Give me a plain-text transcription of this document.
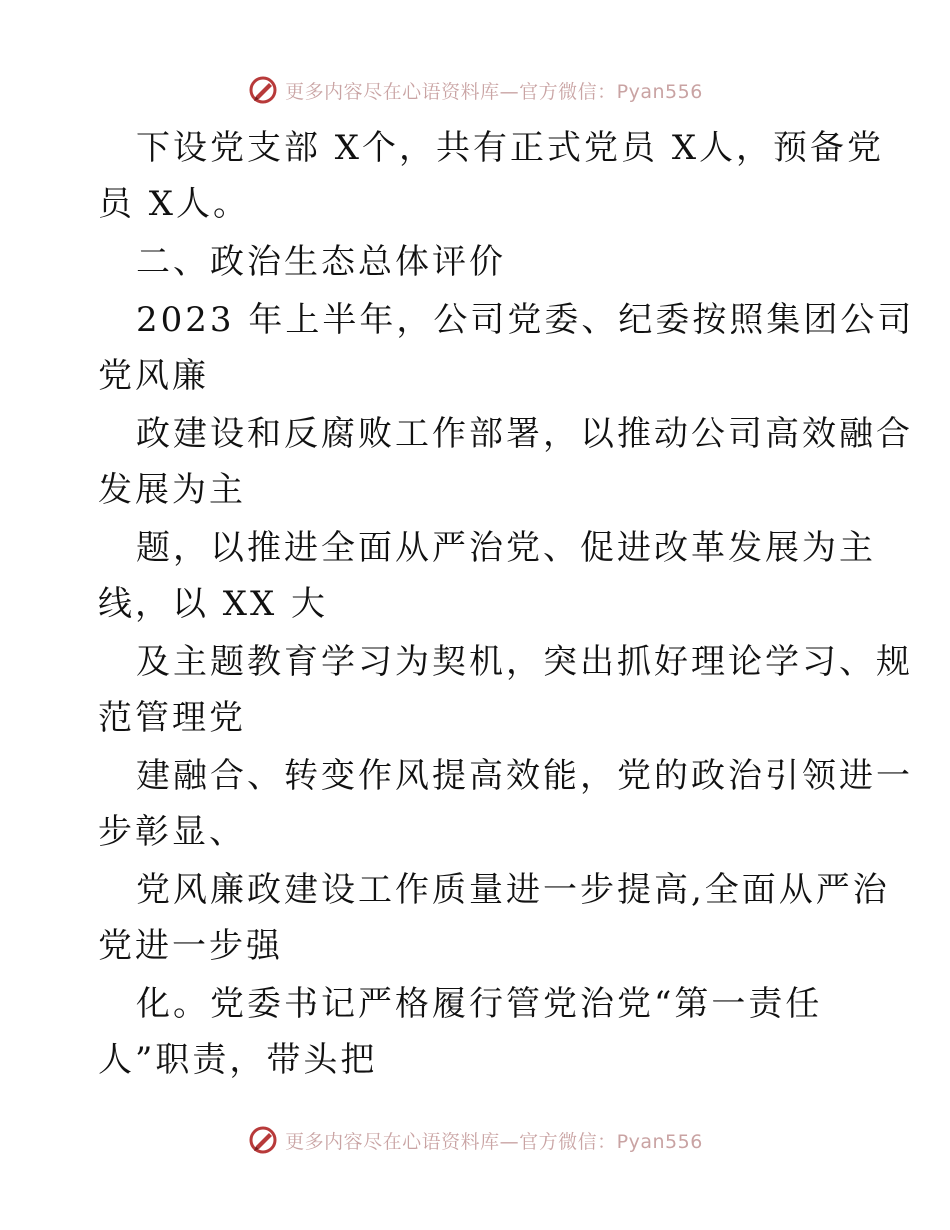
更多内容尽在心语资料库—官方微信：Pyan556
下设党支部 X个，共有正式党员 X人，预备党
员 X人。
二、政治生态总体评价
2023 年上半年，公司党委、纪委按照集团公司
党风廉
政建设和反腐败工作部署，以推动公司高效融合
发展为主
题，以推进全面从严治党、促进改革发展为主
线，以 XX 大
及主题教育学习为契机，突出抓好理论学习、规
范管理党
建融合、转变作风提高效能，党的政治引领进一
步彰显、
党风廉政建设工作质量进一步提高,全面从严治
党进一步强
化。党委书记严格履行管党治党“第一责任
人”职责，带头把
更多内容尽在心语资料库—官方微信：Pyan556
